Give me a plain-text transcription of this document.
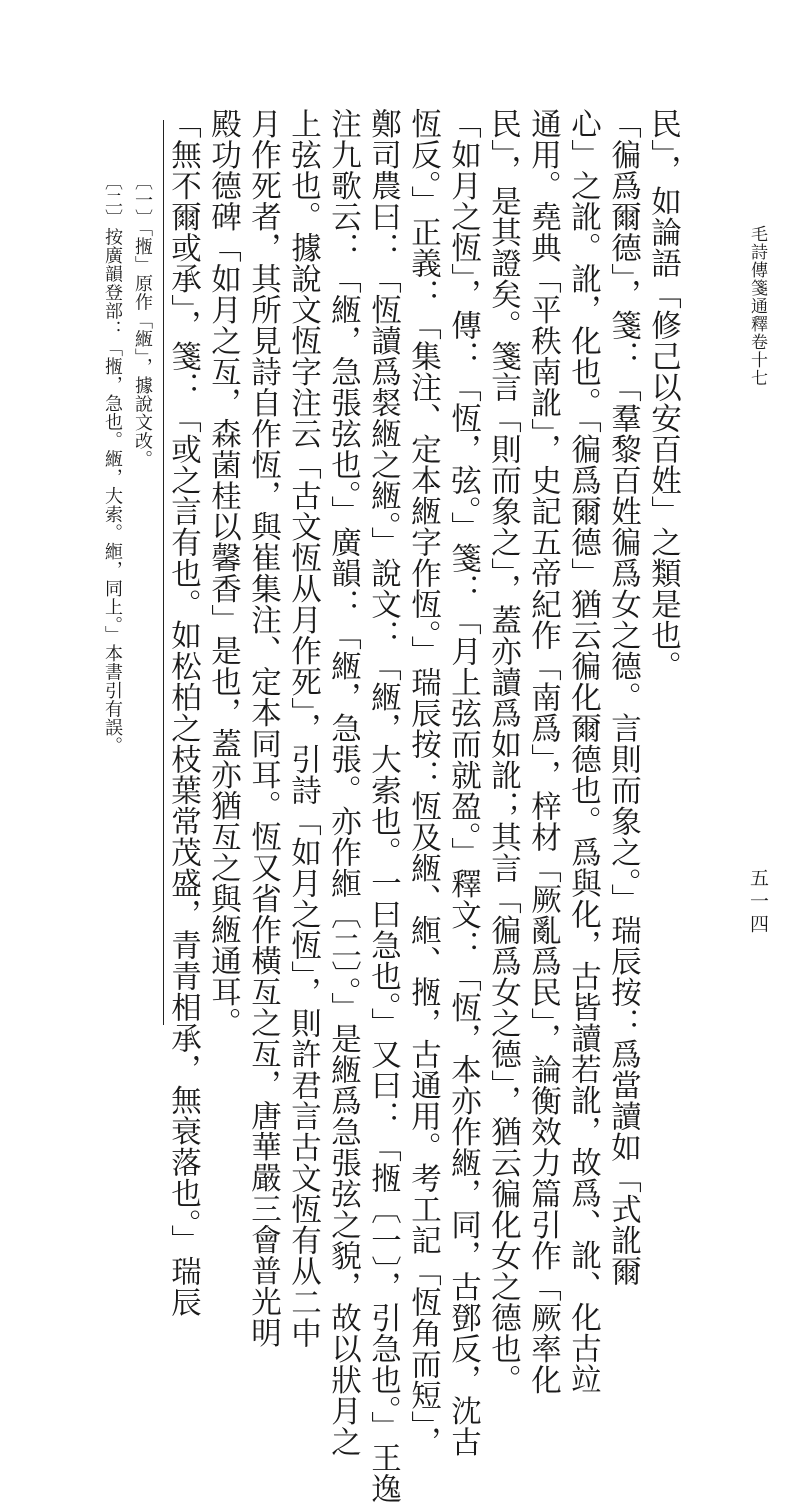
毛詩傳箋通釋卷十七
五一四
民」，如論語「修己以安百姓」之類是也。
「徧爲爾德」，箋：「羣黎百姓徧爲女之德。言則而象之。」瑞辰按：爲當讀如「式訛爾
心」之訛。訛，化也。「徧爲爾德」猶云徧化爾德也。爲與化，古皆讀若訛，故爲、訛、化古竝
通用。堯典「平秩南訛」，史記五帝紀作「南爲」，梓材「厥亂爲民」，論衡效力篇引作「厥率化
民」，是其證矣。箋言「則而象之」，蓋亦讀爲如訛；其言「徧爲女之德」，猶云徧化女之德也。
「如月之恆」，傳：「恆，弦。」箋：「月上弦而就盈。」釋文：「恆，本亦作緪，同，古鄧反，沈古
恆反。」正義：「集注、定本緪字作恆。」瑞辰按：恆及緪、縆、揯，古通用。考工記「恆角而短」，
鄭司農曰：「恆讀爲裻緪之緪。」說文：「緪，大索也。一曰急也。」又曰：「揯〔一〕，引急也。」王逸
注九歌云：「緪，急張弦也。」廣韻：「緪，急張。亦作縆〔二〕。」是緪爲急張弦之貌，故以狀月之
上弦也。據說文恆字注云「古文恆从月作死」，引詩「如月之恆」，則許君言古文恆有从二中
月作死者，其所見詩自作恆，與崔集注、定本同耳。恆又省作橫亙之亙，唐華嚴三會普光明
殿功德碑「如月之亙，森菌桂以馨香」是也，蓋亦猶亙之與緪通耳。
「無不爾或承」，箋：「或之言有也。如松柏之枝葉常茂盛，青青相承，無衰落也。」瑞辰
〔一〕「揯」原作「緪」，據說文改。
〔二〕按廣韻登部：「揯，急也。緪，大索。縆，同上。」本書引有誤。
